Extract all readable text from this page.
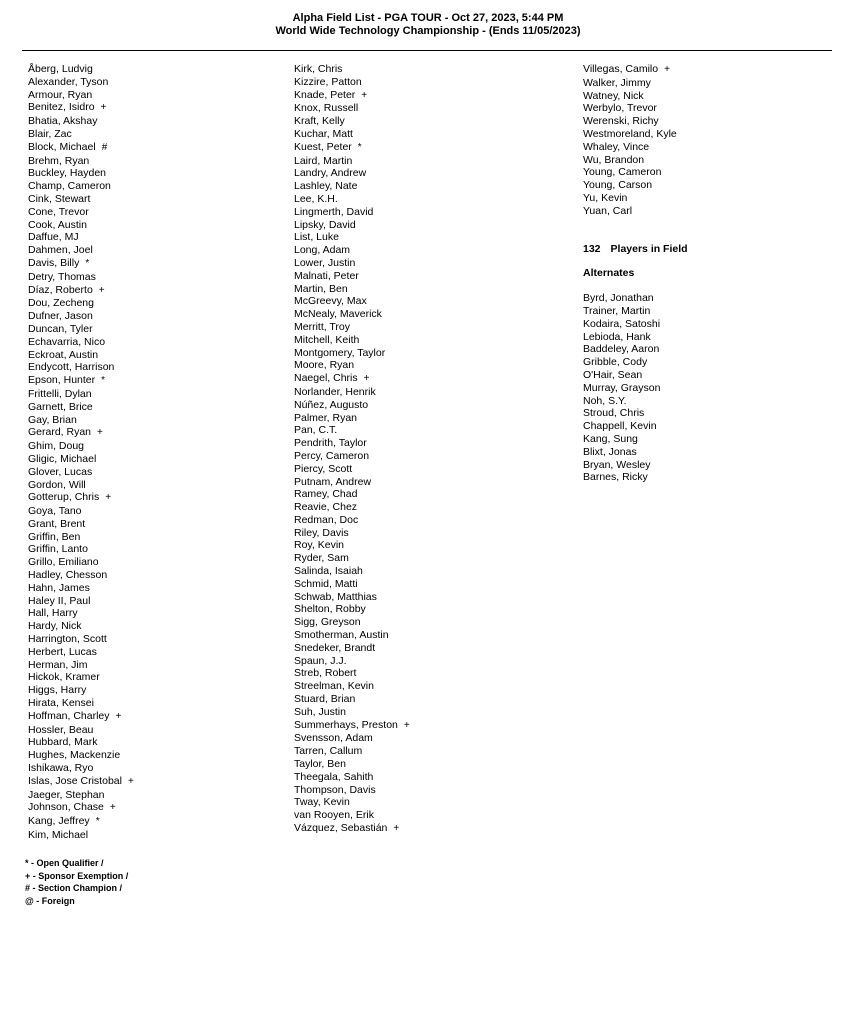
Alpha Field List - PGA TOUR - Oct 27, 2023, 5:44 PM
World Wide Technology Championship - (Ends 11/05/2023)
Åberg, Ludvig
Alexander, Tyson
Armour, Ryan
Benitez, Isidro +
Bhatia, Akshay
Blair, Zac
Block, Michael #
Brehm, Ryan
Buckley, Hayden
Champ, Cameron
Cink, Stewart
Cone, Trevor
Cook, Austin
Daffue, MJ
Dahmen, Joel
Davis, Billy *
Detry, Thomas
Díaz, Roberto +
Dou, Zecheng
Dufner, Jason
Duncan, Tyler
Echavarria, Nico
Eckroat, Austin
Endycott, Harrison
Epson, Hunter *
Frittelli, Dylan
Garnett, Brice
Gay, Brian
Gerard, Ryan +
Ghim, Doug
Gligic, Michael
Glover, Lucas
Gordon, Will
Gotterup, Chris +
Goya, Tano
Grant, Brent
Griffin, Ben
Griffin, Lanto
Grillo, Emiliano
Hadley, Chesson
Hahn, James
Haley II, Paul
Hall, Harry
Hardy, Nick
Harrington, Scott
Herbert, Lucas
Herman, Jim
Hickok, Kramer
Higgs, Harry
Hirata, Kensei
Hoffman, Charley +
Hossler, Beau
Hubbard, Mark
Hughes, Mackenzie
Ishikawa, Ryo
Islas, Jose Cristobal +
Jaeger, Stephan
Johnson, Chase +
Kang, Jeffrey *
Kim, Michael
Kirk, Chris
Kizzire, Patton
Knade, Peter +
Knox, Russell
Kraft, Kelly
Kuchar, Matt
Kuest, Peter *
Laird, Martin
Landry, Andrew
Lashley, Nate
Lee, K.H.
Lingmerth, David
Lipsky, David
List, Luke
Long, Adam
Lower, Justin
Malnati, Peter
Martin, Ben
McGreevy, Max
McNealy, Maverick
Merritt, Troy
Mitchell, Keith
Montgomery, Taylor
Moore, Ryan
Naegel, Chris +
Norlander, Henrik
Núñez, Augusto
Palmer, Ryan
Pan, C.T.
Pendrith, Taylor
Percy, Cameron
Piercy, Scott
Putnam, Andrew
Ramey, Chad
Reavie, Chez
Redman, Doc
Riley, Davis
Roy, Kevin
Ryder, Sam
Salinda, Isaiah
Schmid, Matti
Schwab, Matthias
Shelton, Robby
Sigg, Greyson
Smotherman, Austin
Snedeker, Brandt
Spaun, J.J.
Streb, Robert
Streelman, Kevin
Stuard, Brian
Suh, Justin
Summerhays, Preston +
Svensson, Adam
Tarren, Callum
Taylor, Ben
Theegala, Sahith
Thompson, Davis
Tway, Kevin
van Rooyen, Erik
Vázquez, Sebastián +
Villegas, Camilo +
Walker, Jimmy
Watney, Nick
Werbylo, Trevor
Werenski, Richy
Westmoreland, Kyle
Whaley, Vince
Wu, Brandon
Young, Cameron
Young, Carson
Yu, Kevin
Yuan, Carl
132 Players in Field
Alternates
Byrd, Jonathan
Trainer, Martin
Kodaira, Satoshi
Lebioda, Hank
Baddeley, Aaron
Gribble, Cody
O'Hair, Sean
Murray, Grayson
Noh, S.Y.
Stroud, Chris
Chappell, Kevin
Kang, Sung
Blixt, Jonas
Bryan, Wesley
Barnes, Ricky
* - Open Qualifier /
+ - Sponsor Exemption /
# - Section Champion /
@ - Foreign
